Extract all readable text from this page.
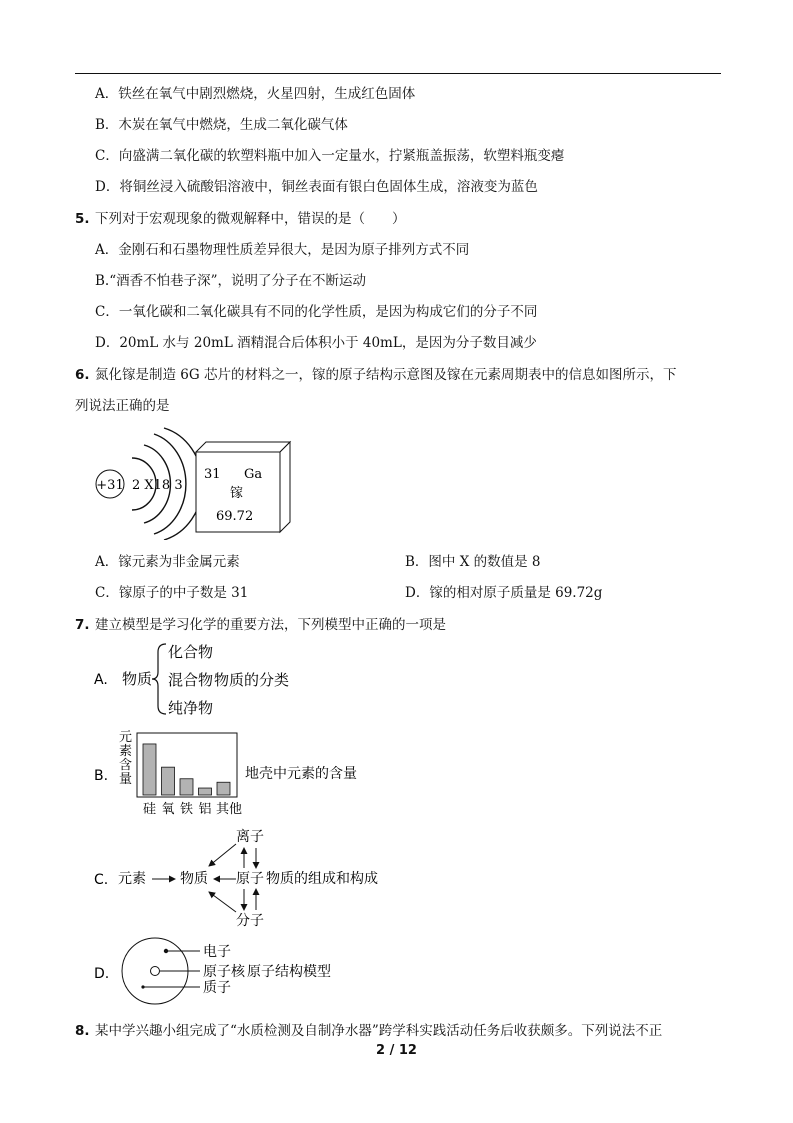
A．铁丝在氧气中剧烈燃烧，火星四射，生成红色固体
B．木炭在氧气中燃烧，生成二氧化碳气体
C．向盛满二氧化碳的软塑料瓶中加入一定量水，拧紧瓶盖振荡，软塑料瓶变瘪
D．将铜丝浸入硫酸铝溶液中，铜丝表面有银白色固体生成，溶液变为蓝色
5. 下列对于宏观现象的微观解释中，错误的是（　　）
A．金刚石和石墨物理性质差异很大，是因为原子排列方式不同
B.“酒香不怕巷子深”，说明了分子在不断运动
C．一氧化碳和二氧化碳具有不同的化学性质，是因为构成它们的分子不同
D．20mL 水与 20mL 酒精混合后体积小于 40mL，是因为分子数目减少
6. 氮化镓是制造 6G 芯片的材料之一，镓的原子结构示意图及镓在元素周期表中的信息如图所示，下
列说法正确的是
+31 2 X18 3
31 Ga
镓
69.72
A．镓元素为非金属元素	B．图中 X 的数值是 8
C．镓原子的中子数是 31	D．镓的相对原子质量是 69.72g
7. 建立模型是学习化学的重要方法，下列模型中正确的一项是
A. 物质
化合物
混合物
纯净物
物质的分类
B.
元
素
含
量
硅 氧 铁 铝 其他
地壳中元素的含量
C. 元素 物质 原子 物质的组成和构成
离子
分子
D.
电子
原子核
质子
原子结构模型
8. 某中学兴趣小组完成了“水质检测及自制净水器”跨学科实践活动任务后收获颇多。下列说法不正
2 / 12
